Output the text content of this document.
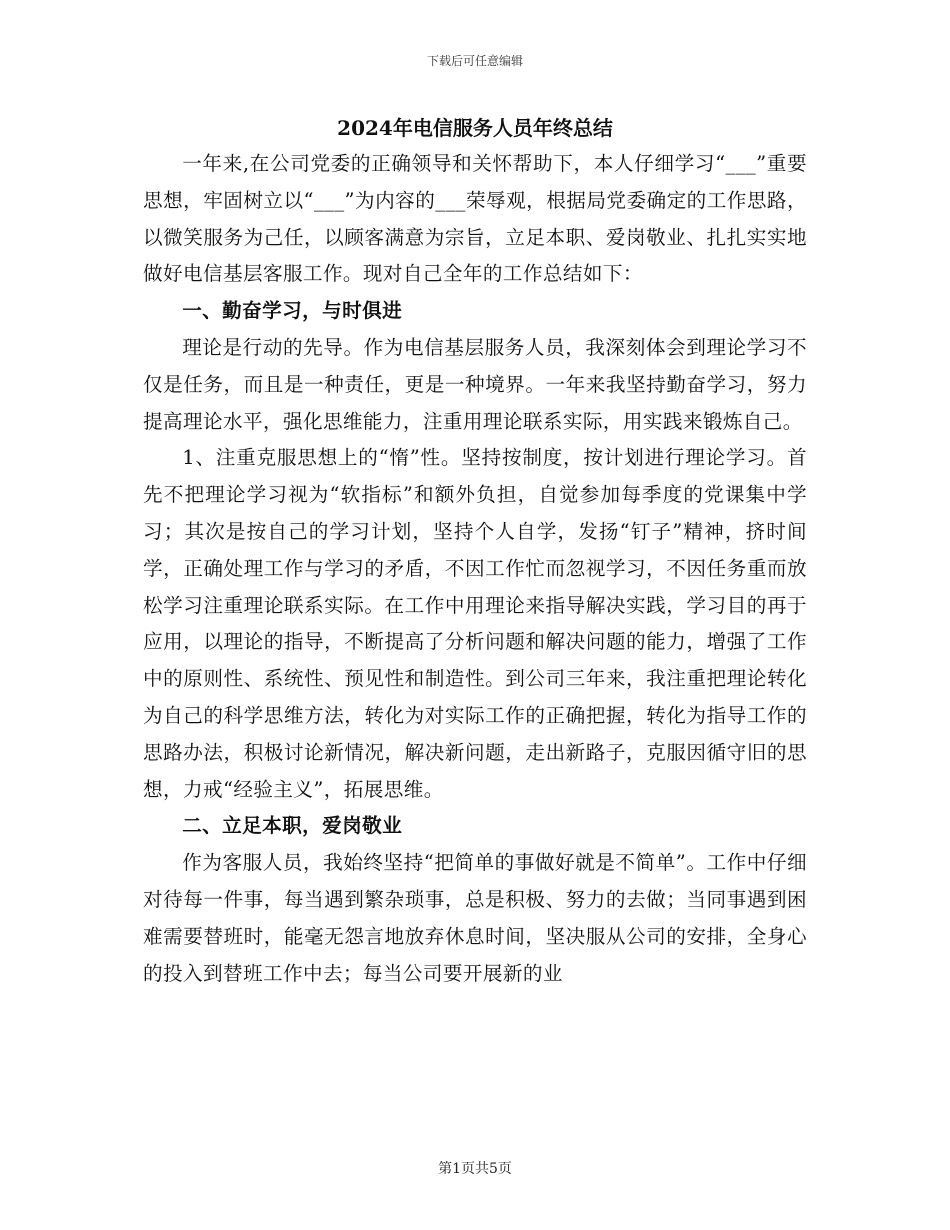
下载后可任意编辑
2024年电信服务人员年终总结

一年来,在公司党委的正确领导和关怀帮助下，本人仔细学习“___”重要思想，牢固树立以“___”为内容的___荣辱观，根据局党委确定的工作思路，以微笑服务为己任，以顾客满意为宗旨，立足本职、爱岗敬业、扎扎实实地做好电信基层客服工作。现对自己全年的工作总结如下：

一、勤奋学习，与时俱进

理论是行动的先导。作为电信基层服务人员，我深刻体会到理论学习不仅是任务，而且是一种责任，更是一种境界。一年来我坚持勤奋学习，努力提高理论水平，强化思维能力，注重用理论联系实际，用实践来锻炼自己。

1、注重克服思想上的“惰”性。坚持按制度，按计划进行理论学习。首先不把理论学习视为“软指标”和额外负担，自觉参加每季度的党课集中学习；其次是按自己的学习计划，坚持个人自学，发扬“钉子”精神，挤时间学，正确处理工作与学习的矛盾，不因工作忙而忽视学习，不因任务重而放松学习注重理论联系实际。在工作中用理论来指导解决实践，学习目的再于应用，以理论的指导，不断提高了分析问题和解决问题的能力，增强了工作中的原则性、系统性、预见性和制造性。到公司三年来，我注重把理论转化为自己的科学思维方法，转化为对实际工作的正确把握，转化为指导工作的思路办法，积极讨论新情况，解决新问题，走出新路子，克服因循守旧的思想，力戒“经验主义”，拓展思维。

二、立足本职，爱岗敬业

作为客服人员，我始终坚持“把简单的事做好就是不简单”。工作中仔细对待每一件事，每当遇到繁杂琐事，总是积极、努力的去做；当同事遇到困难需要替班时，能毫无怨言地放弃休息时间，坚决服从公司的安排，全身心的投入到替班工作中去；每当公司要开展新的业

第1页共5页
